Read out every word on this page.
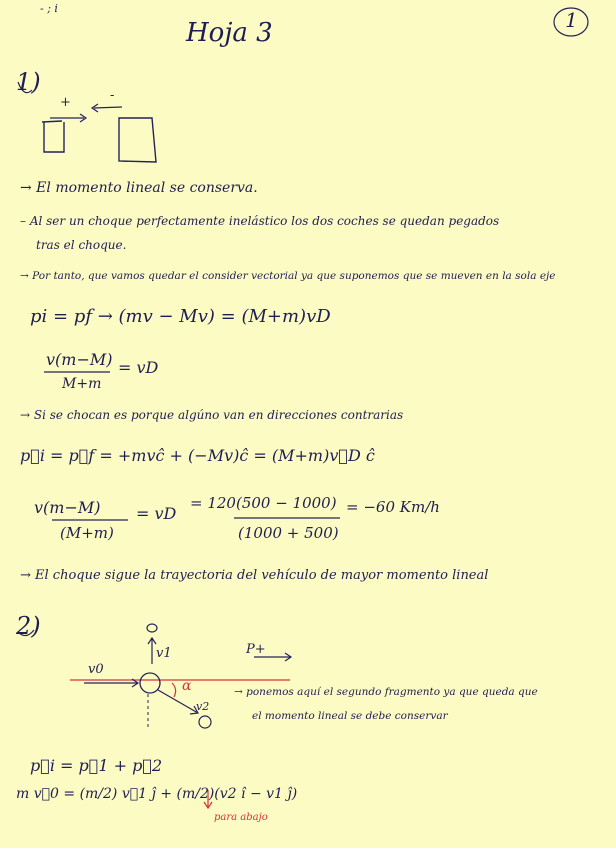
- ; i
Hoja 3	1
1)
+	-
→ El momento lineal se conserva.
– Al ser un choque perfectamente inelástico los dos coches se quedan pegados
tras el choque.
→ Por tanto, que vamos quedar el consider vectorial ya que suponemos que se mueven en la sola eje
pi = pf → (mv − Mv) = (M+m)vD
v(m−M) = vD
M+m
→ Si se chocan es porque algúno van en direcciones contrarias
p⃗i = p⃗f = +mvĉ + (−Mv)ĉ = (M+m)v⃗D ĉ
v(m−M)
(M+m)
= vD
= 120(500 − 1000)
(1000 + 500)
= −60 Km/h
→ El choque sigue la trayectoria del vehículo de mayor momento lineal
2)
v1
v0
P+
α
v2
→ ponemos aquí el segundo fragmento ya que queda que
el momento lineal se debe conservar
p⃗i = p⃗1 + p⃗2
m v⃗0 = (m/2) v⃗1 ĵ + (m/2)(v2 î − v1 ĵ)
para abajo
